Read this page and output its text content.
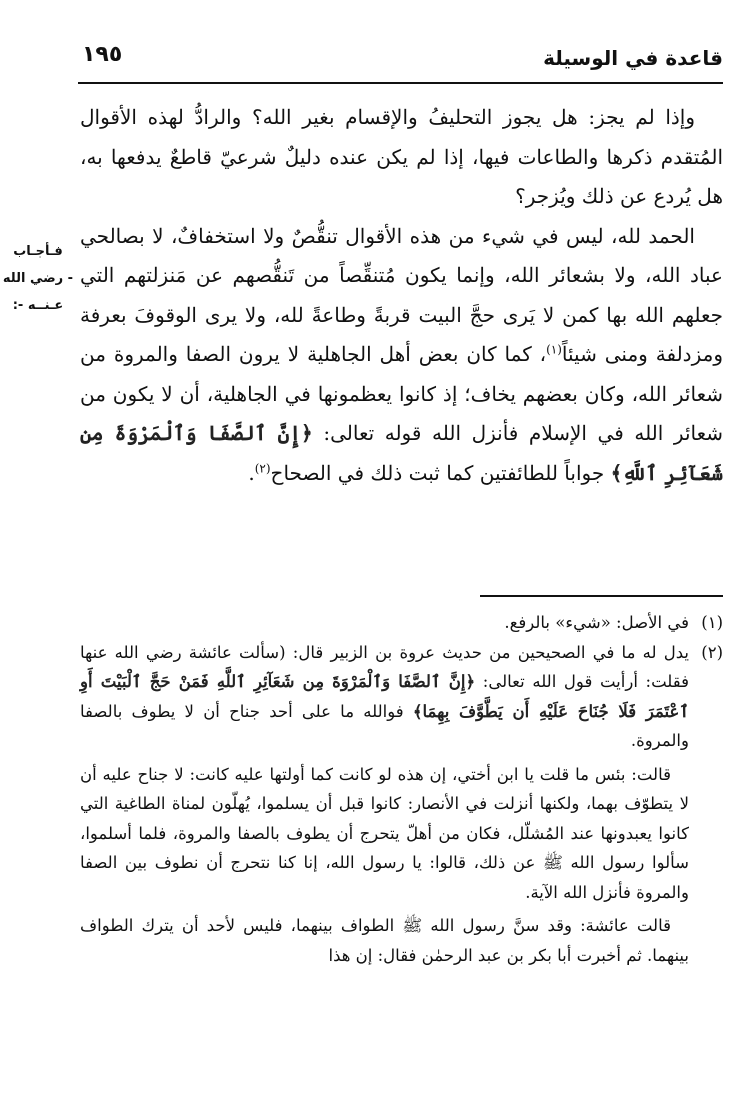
قاعدة في الوسيلة
١٩٥
فـأجـاب
- رضي الله
عـنــه -:

وإذا لم يجز: هل يجوز التحليفُ والإقسام بغير الله؟ والرادُّ لهذه الأقوال المُتقدم ذكرها والطاعات فيها، إذا لم يكن عنده دليلٌ شرعيّ قاطعٌ يدفعها به، هل يُردع عن ذلك ويُزجر؟

الحمد لله، ليس في شيء من هذه الأقوال تنقُّصٌ ولا استخفافٌ، لا بصالحي عباد الله، ولا بشعائر الله، وإنما يكون مُتنقِّصاً من تَنقُّصهم عن مَنزلتهم التي جعلهم الله بها كمن لا يَرى حجَّ البيت قربةً وطاعةً لله، ولا يرى الوقوفَ بعرفة ومزدلفة ومنى شيئاً$^{(١)}$، كما كان بعض أهل الجاهلية لا يرون الصفا والمروة من شعائر الله، وكان بعضهم يخاف؛ إذ كانوا يعظمونها في الجاهلية، أن لا يكون من شعائر الله في الإسلام فأنزل الله قوله تعالى: ﴿إِنَّ ٱلصَّفَا وَٱلْمَرْوَةَ مِن شَعَآئِرِ ٱللَّهِ﴾ جواباً للطائفتين كما ثبت ذلك في الصحاح$^{(٢)}$.

(١)

في الأصل: «شيء» بالرفع.

(٢)

يدل له ما في الصحيحين من حديث عروة بن الزبير قال: (سألت عائشة رضي الله عنها فقلت: أرأيت قول الله تعالى: ﴿إِنَّ ٱلصَّفَا وَٱلْمَرْوَةَ مِن شَعَآئِرِ ٱللَّهِ فَمَنْ حَجَّ ٱلْبَيْتَ أَوِ ٱعْتَمَرَ فَلَا جُنَاحَ عَلَيْهِ أَن يَطَّوَّفَ بِهِمَا﴾ فوالله ما على أحد جناح أن لا يطوف بالصفا والمروة.

قالت: بئس ما قلت يا ابن أختي، إن هذه لو كانت كما أولتها عليه كانت: لا جناح عليه أن لا يتطوّف بهما، ولكنها أنزلت في الأنصار: كانوا قبل أن يسلموا، يُهلّون لمناة الطاغية التي كانوا يعبدونها عند المُشلّل، فكان من أهلّ يتحرج أن يطوف بالصفا والمروة، فلما أسلموا، سألوا رسول الله ﷺ عن ذلك، قالوا: يا رسول الله، إنا كنا نتحرج أن نطوف بين الصفا والمروة فأنزل الله الآية.

قالت عائشة: وقد سنَّ رسول الله ﷺ الطواف بينهما، فليس لأحد أن يترك الطواف بينهما. ثم أخبرت أبا بكر بن عبد الرحمٰن فقال: إن هذا
